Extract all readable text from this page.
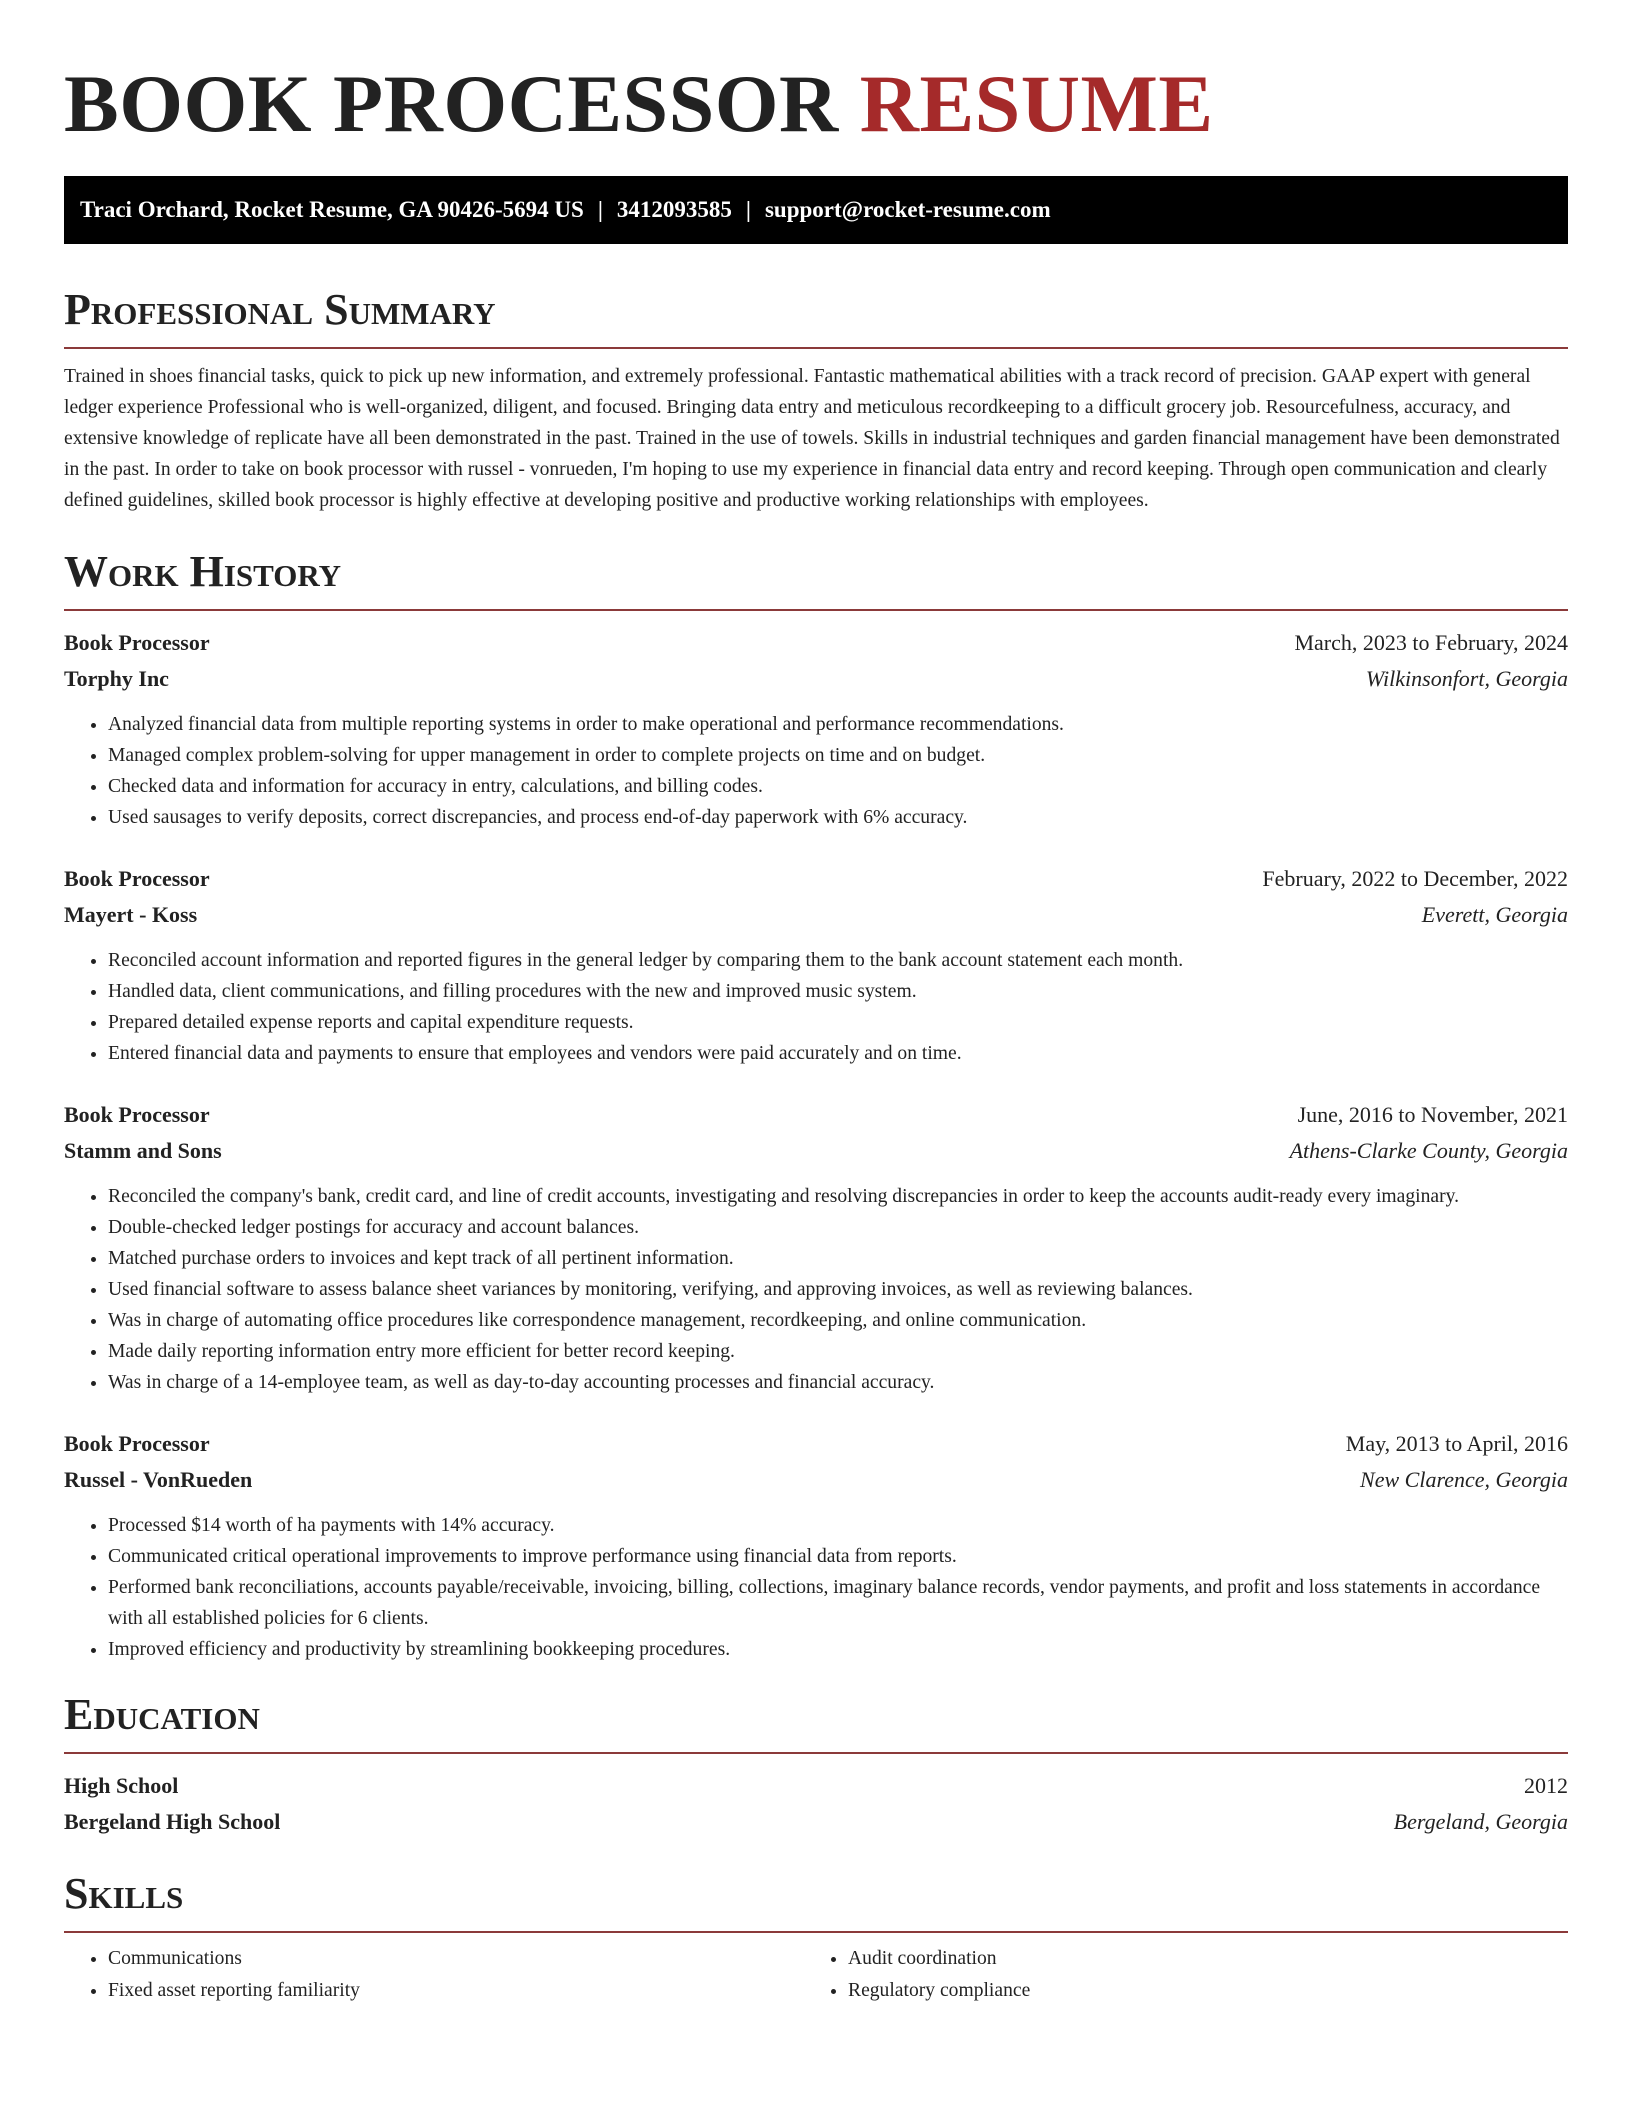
BOOK PROCESSOR RESUME
Traci Orchard, Rocket Resume, GA 90426-5694 US | 3412093585 | support@rocket-resume.com
Professional Summary

Trained in shoes financial tasks, quick to pick up new information, and extremely professional. Fantastic mathematical abilities with a track record of precision. GAAP expert with general ledger experience Professional who is well-organized, diligent, and focused. Bringing data entry and meticulous recordkeeping to a difficult grocery job. Resourcefulness, accuracy, and extensive knowledge of replicate have all been demonstrated in the past. Trained in the use of towels. Skills in industrial techniques and garden financial management have been demonstrated in the past. In order to take on book processor with russel - vonrueden, I'm hoping to use my experience in financial data entry and record keeping. Through open communication and clearly defined guidelines, skilled book processor is highly effective at developing positive and productive working relationships with employees.

Work History
Book Processor	March, 2023 to February, 2024
Torphy Inc	Wilkinsonfort, Georgia
• Analyzed financial data from multiple reporting systems in order to make operational and performance recommendations.
• Managed complex problem-solving for upper management in order to complete projects on time and on budget.
• Checked data and information for accuracy in entry, calculations, and billing codes.
• Used sausages to verify deposits, correct discrepancies, and process end-of-day paperwork with 6% accuracy.
Book Processor	February, 2022 to December, 2022
Mayert - Koss	Everett, Georgia
• Reconciled account information and reported figures in the general ledger by comparing them to the bank account statement each month.
• Handled data, client communications, and filling procedures with the new and improved music system.
• Prepared detailed expense reports and capital expenditure requests.
• Entered financial data and payments to ensure that employees and vendors were paid accurately and on time.
Book Processor	June, 2016 to November, 2021
Stamm and Sons	Athens-Clarke County, Georgia
• Reconciled the company's bank, credit card, and line of credit accounts, investigating and resolving discrepancies in order to keep the accounts audit-ready every imaginary.
• Double-checked ledger postings for accuracy and account balances.
• Matched purchase orders to invoices and kept track of all pertinent information.
• Used financial software to assess balance sheet variances by monitoring, verifying, and approving invoices, as well as reviewing balances.
• Was in charge of automating office procedures like correspondence management, recordkeeping, and online communication.
• Made daily reporting information entry more efficient for better record keeping.
• Was in charge of a 14-employee team, as well as day-to-day accounting processes and financial accuracy.
Book Processor	May, 2013 to April, 2016
Russel - VonRueden	New Clarence, Georgia
• Processed $14 worth of ha payments with 14% accuracy.
• Communicated critical operational improvements to improve performance using financial data from reports.
• Performed bank reconciliations, accounts payable/receivable, invoicing, billing, collections, imaginary balance records, vendor payments, and profit and loss statements in accordance with all established policies for 6 clients.
• Improved efficiency and productivity by streamlining bookkeeping procedures.
Education
High School	2012
Bergeland High School	Bergeland, Georgia
Skills
• Communications
• Fixed asset reporting familiarity
• Audit coordination
• Regulatory compliance
